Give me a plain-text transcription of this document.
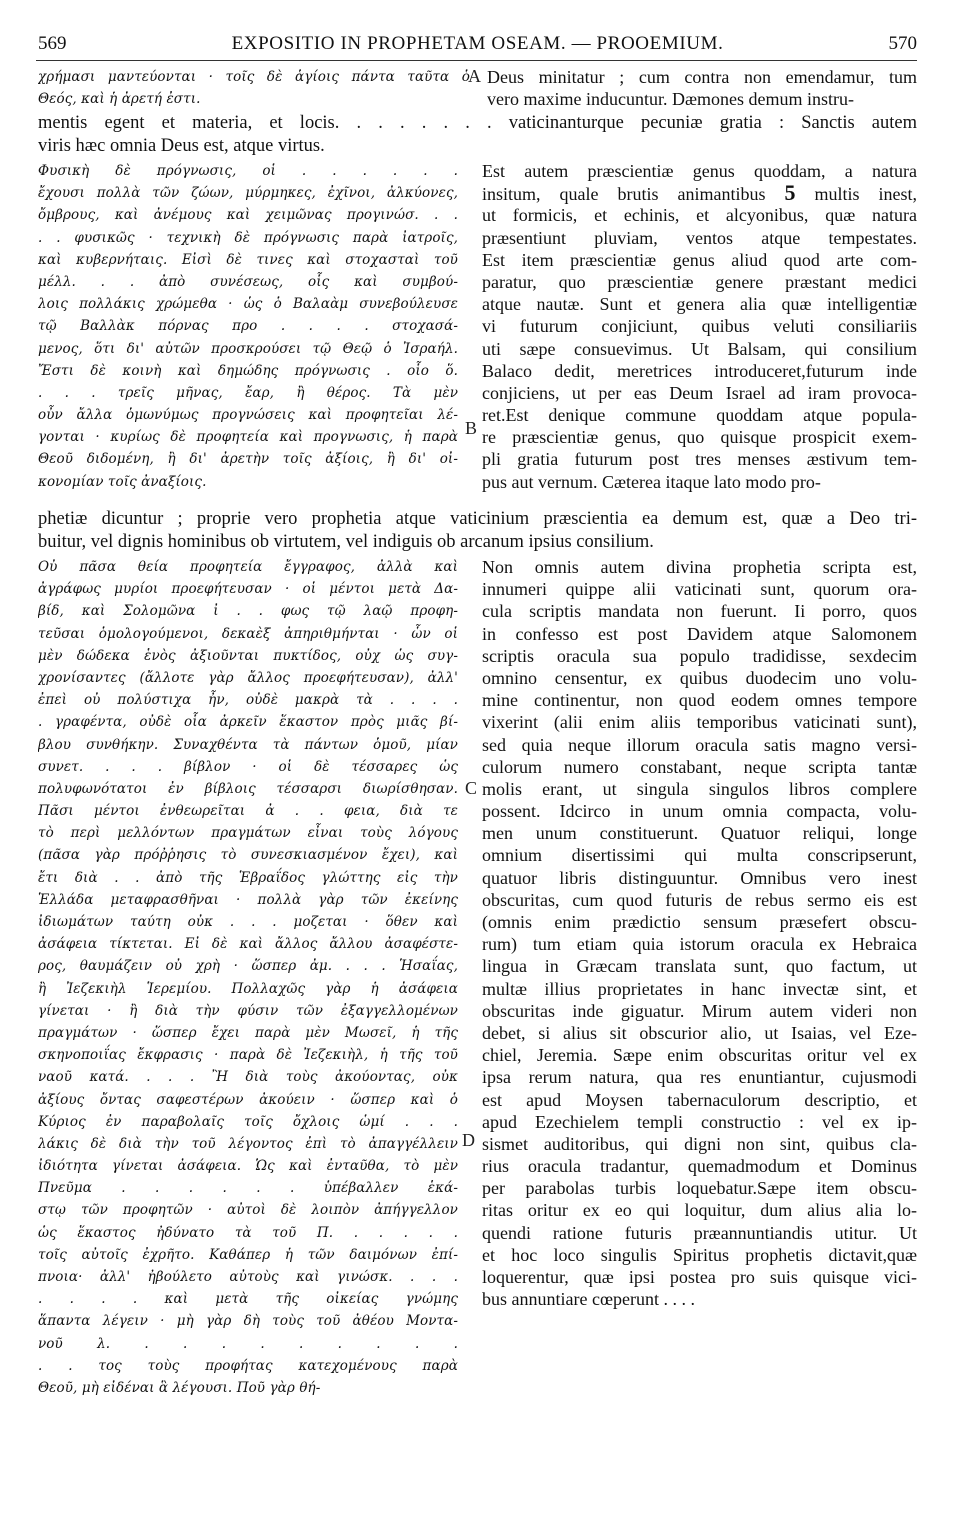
569	EXPOSITIO IN PROPHETAM OSEAM. — PROOEMIUM.	570
χρήμασι μαντεύονται · τοῖς δὲ ἁγίοις πάντα ταῦτα ὁ
Θεός, καὶ ἡ ἀρετή ἐστι.
Deus minitatur ; cum contra non emendamur, tum
vero maxime inducuntur. Dæmones demum instru-
mentis egent et materia, et locis. . . . . . . . vaticinanturque pecuniæ gratia : Sanctis autem
viris hæc omnia Deus est, atque virtus.
Φυσικὴ δὲ πρόγνωσις, οἱ . . . . . .
ἔχουσι πολλὰ τῶν ζώων, μύρμηκες, ἐχῖνοι, ἀλκύονες,
ὄμβρους, καὶ ἀνέμους καὶ χειμῶνας προγινώσ. . .
. . φυσικῶς · τεχνικὴ δὲ πρόγνωσις παρὰ ἰατροῖς,
καὶ κυβερνήταις. Εἰσὶ δὲ τινες καὶ στοχασταὶ τοῦ
μέλλ. . . ἀπὸ συνέσεως, οἷς καὶ συμβού-
λοις πολλάκις χρώμεθα · ὡς ὁ Βαλαὰμ συνεβούλευσε
τῷ Βαλλὰκ πόρνας προ . . . . στοχασά-
μενος, ὅτι δι' αὐτῶν προσκρούσει τῷ Θεῷ ὁ Ἰσραήλ.
Ἔστι δὲ κοινὴ καὶ δημώδης πρόγνωσις . οἷο ὅ.
. . . τρεῖς μῆνας, ἔαρ, ἢ θέρος. Τὰ μὲν
οὖν ἄλλα ὁμωνύμως προγνώσεις καὶ προφητεῖαι λέ-
γονται · κυρίως δὲ προφητεία καὶ προγνωσις, ἡ παρὰ
Θεοῦ διδομένη, ἢ δι' ἀρετὴν τοῖς ἀξίοις, ἢ δι' οἰ-
κονομίαν τοῖς ἀναξίοις.
Est autem præscientiæ genus quoddam, a natura
insitum, quale brutis animantibus 5 multis inest,
ut formicis, et echinis, et alcyonibus, quæ natura
præsentiunt pluviam, ventos atque tempestates.
Est item præscientiæ genus aliud quod arte com-
paratur, quo præscientiæ genere præstant medici
atque nautæ. Sunt et genera alia quæ intelligentiæ
vi futurum conjiciunt, quibus veluti consiliariis
uti sæpe consuevimus. Ut Balsam, qui consilium
Balaco dedit, meretrices introduceret,futurum inde
conjiciens, ut per eas Deum Israel ad iram provoca-
ret.Est denique commune quoddam atque popula-
re præscientiæ genus, quo quisque prospicit exem-
pli gratia futurum post tres menses æstivum tem-
pus aut vernum. Cæterea itaque lato modo pro-
phetiæ dicuntur ; proprie vero prophetia atque vaticinium præscientia ea demum est, quæ a Deo tri-
buitur, vel dignis hominibus ob virtutem, vel indiguis ob arcanum ipsius consilium.
Οὐ πᾶσα θεία προφητεία ἔγγραφος, ἀλλὰ καὶ
ἀγράφως μυρίοι προεφήτευσαν · οἱ μέντοι μετὰ Δα-
βίδ, καὶ Σολομῶνα ἰ . . φως τῷ λαῷ προφη-
τεῦσαι ὁμολογούμενοι, δεκαὲξ ἀπηριθμήνται · ὧν οἱ
μὲν δώδεκα ἑνὸς ἀξιοῦνται πυκτίδος, οὐχ ὡς συγ-
χρονίσαντες (ἄλλοτε γὰρ ἄλλος προεφήτευσαν), ἀλλ'
ἐπεὶ οὐ πολύστιχα ἦν, οὐδὲ μακρὰ τὰ . . . .
. γραφέντα, οὐδὲ οἷα ἀρκεῖν ἕκαστον πρὸς μιᾶς βί-
βλου συνθήκην. Συναχθέντα τὰ πάντων ὁμοῦ, μίαν
συνετ. . . . βίβλον · οἱ δὲ τέσσαρες ὡς
πολυφωνότατοι ἐν βίβλοις τέσσαρσι διωρίσθησαν.
Πᾶσι μέντοι ἐνθεωρεῖται ἀ . . φεια, διὰ τε
τὸ περὶ μελλόντων πραγμάτων εἶναι τοὺς λόγους
(πᾶσα γὰρ πρόῤῥησις τὸ συνεσκιασμένον ἔχει), καὶ
ἔτι διὰ . . ἀπὸ τῆς Ἑβραΐδος γλώττης εἰς τὴν
Ἑλλάδα μεταφρασθῆναι · πολλὰ γὰρ τῶν ἐκείνης
ἰδιωμάτων ταύτη οὐκ . . . μοζεται · ὅθεν καὶ
ἀσάφεια τίκτεται. Εἰ δὲ καὶ ἄλλος ἄλλου ἀσαφέστε-
ρος, θαυμάζειν οὐ χρὴ · ὥσπερ ἀμ. . . . Ἡσαΐας,
ἢ Ἰεζεκιὴλ Ἱερεμίου. Πολλαχῶς γὰρ ἡ ἀσάφεια
γίνεται · ἢ διὰ τὴν φύσιν τῶν ἐξαγγελλομένων
πραγμάτων · ὥσπερ ἔχει παρὰ μὲν Μωσεῖ, ἡ τῆς
σκηνοποιΐας ἔκφρασις · παρὰ δὲ Ἰεζεκιὴλ, ἡ τῆς τοῦ
ναοῦ κατά. . . . Ἢ διὰ τοὺς ἀκούοντας, οὐκ
ἀξίους ὄντας σαφεστέρων ἀκούειν · ὥσπερ καὶ ὁ
Κύριος ἐν παραβολαῖς τοῖς ὄχλοις ὡμί . . .
λάκις δὲ διὰ τὴν τοῦ λέγοντος ἐπὶ τὸ ἀπαγγέλλειν
ἰδιότητα γίνεται ἀσάφεια. Ὡς καὶ ἐνταῦθα, τὸ μὲν
Πνεῦμα . . . . . . ὑπέβαλλεν ἑκά-
στῳ τῶν προφητῶν · αὐτοὶ δὲ λοιπὸν ἀπήγγελλον
ὡς ἕκαστος ἠδύνατο τὰ τοῦ Π. . . . . .
τοῖς αὐτοῖς ἐχρῆτο. Καθάπερ ἡ τῶν δαιμόνων ἐπί-
πνοια· ἀλλ' ἠβούλετο αὐτοὺς καὶ γινώσκ. . . .
. . . . καὶ μετὰ τῆς οἰκείας γνώμης
ἅπαντα λέγειν · μὴ γὰρ δὴ τοὺς τοῦ ἀθέου Μοντα-
νοῦ λ. . . . . . . . . .
. . τος τοὺς προφήτας κατεχομένους παρὰ
Θεοῦ, μὴ εἰδέναι ἃ λέγουσι. Ποῦ γὰρ θή-
Non omnis autem divina prophetia scripta est,
innumeri quippe alii vaticinati sunt, quorum ora-
cula scriptis mandata non fuerunt. Ii porro, quos
in confesso est post Davidem atque Salomonem
scriptis oracula sua populo tradidisse, sexdecim
omnino censentur, ex quibus duodecim uno volu-
mine continentur, non quod eodem omnes tempore
vixerint (alii enim aliis temporibus vaticinati sunt),
sed quia neque illorum oracula satis magno versi-
culorum numero constabant, neque scripta tantæ
molis erant, ut singula singulos libros complere
possent. Idcirco in unum omnia compacta, volu-
men unum constituerunt. Quatuor reliqui, longe
omnium disertissimi qui multa conscripserunt,
quatuor libris distinguuntur. Omnibus vero inest
obscuritas, cum quod futuris de rebus sermo eis est
(omnis enim prædictio sensum præsefert obscu-
rum) tum etiam quia istorum oracula ex Hebraica
lingua in Græcam translata sunt, quo factum, ut
multæ illius proprietates in hanc invectæ sint, et
obscuritas inde giguatur. Mirum autem videri non
debet, si alius sit obscurior alio, ut Isaias, vel Eze-
chiel, Jeremia. Sæpe enim obscuritas oritur vel ex
ipsa rerum natura, qua res enuntiantur, cujusmodi
est apud Moysen tabernaculorum descriptio, et
apud Ezechielem templi constructio : vel ex ip-
sismet auditoribus, qui digni non sint, quibus cla-
rius oracula tradantur, quemadmodum et Dominus
per parabolas turbis loquebatur.Sæpe item obscu-
ritas oritur ex eo qui loquitur, dum alius alia lo-
quendi ratione futuris præannuntiandis utitur. Ut
et hoc loco singulis Spiritus prophetis dictavit,quæ
loquerentur, quæ ipsi postea pro suis quisque vici-
bus annuntiare cœperunt . . . .
A
B
C
D
